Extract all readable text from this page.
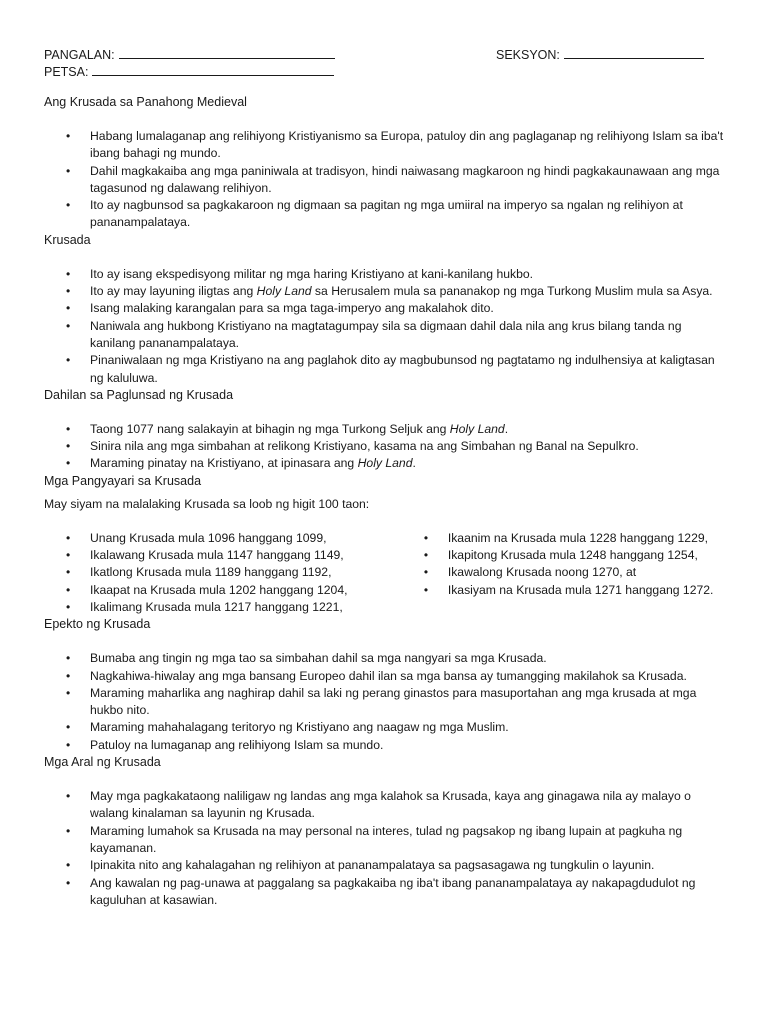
PANGALAN:	SEKSYON:
PETSA:
Ang Krusada sa Panahong Medieval
• Habang lumalaganap ang relihiyong Kristiyanismo sa Europa, patuloy din ang paglaganap ng relihiyong Islam sa iba't ibang bahagi ng mundo.
• Dahil magkakaiba ang mga paniniwala at tradisyon, hindi naiwasang magkaroon ng hindi pagkakaunawaan ang mga tagasunod ng dalawang relihiyon.
• Ito ay nagbunsod sa pagkakaroon ng digmaan sa pagitan ng mga umiiral na imperyo sa ngalan ng relihiyon at pananampalataya.
Krusada
• Ito ay isang ekspedisyong militar ng mga haring Kristiyano at kani-kanilang hukbo.
• Ito ay may layuning iligtas ang Holy Land sa Herusalem mula sa pananakop ng mga Turkong Muslim mula sa Asya.
• Isang malaking karangalan para sa mga taga-imperyo ang makalahok dito.
• Naniwala ang hukbong Kristiyano na magtatagumpay sila sa digmaan dahil dala nila ang krus bilang tanda ng kanilang pananampalataya.
• Pinaniwalaan ng mga Kristiyano na ang paglahok dito ay magbubunsod ng pagtatamo ng indulhensiya at kaligtasan ng kaluluwa.
Dahilan sa Paglunsad ng Krusada
• Taong 1077 nang salakayin at bihagin ng mga Turkong Seljuk ang Holy Land.
• Sinira nila ang mga simbahan at relikong Kristiyano, kasama na ang Simbahan ng Banal na Sepulkro.
• Maraming pinatay na Kristiyano, at ipinasara ang Holy Land.
Mga Pangyayari sa Krusada
May siyam na malalaking Krusada sa loob ng higit 100 taon:
• Unang Krusada mula 1096 hanggang 1099,
• Ikalawang Krusada mula 1147 hanggang 1149,
• Ikatlong Krusada mula 1189 hanggang 1192,
• Ikaapat na Krusada mula 1202 hanggang 1204,
• Ikalimang Krusada mula 1217 hanggang 1221,
• Ikaanim na Krusada mula 1228 hanggang 1229,
• Ikapitong Krusada mula 1248 hanggang 1254,
• Ikawalong Krusada noong 1270, at
• Ikasiyam na Krusada mula 1271 hanggang 1272.
Epekto ng Krusada
• Bumaba ang tingin ng mga tao sa simbahan dahil sa mga nangyari sa mga Krusada.
• Nagkahiwa-hiwalay ang mga bansang Europeo dahil ilan sa mga bansa ay tumangging makilahok sa Krusada.
• Maraming maharlika ang naghirap dahil sa laki ng perang ginastos para masuportahan ang mga krusada at mga hukbo nito.
• Maraming mahahalagang teritoryo ng Kristiyano ang naagaw ng mga Muslim.
• Patuloy na lumaganap ang relihiyong Islam sa mundo.
Mga Aral ng Krusada
• May mga pagkakataong naliligaw ng landas ang mga kalahok sa Krusada, kaya ang ginagawa nila ay malayo o walang kinalaman sa layunin ng Krusada.
• Maraming lumahok sa Krusada na may personal na interes, tulad ng pagsakop ng ibang lupain at pagkuha ng kayamanan.
• Ipinakita nito ang kahalagahan ng relihiyon at pananampalataya sa pagsasagawa ng tungkulin o layunin.
• Ang kawalan ng pag-unawa at paggalang sa pagkakaiba ng iba't ibang pananampalataya ay nakapagdudulot ng kaguluhan at kasawian.
